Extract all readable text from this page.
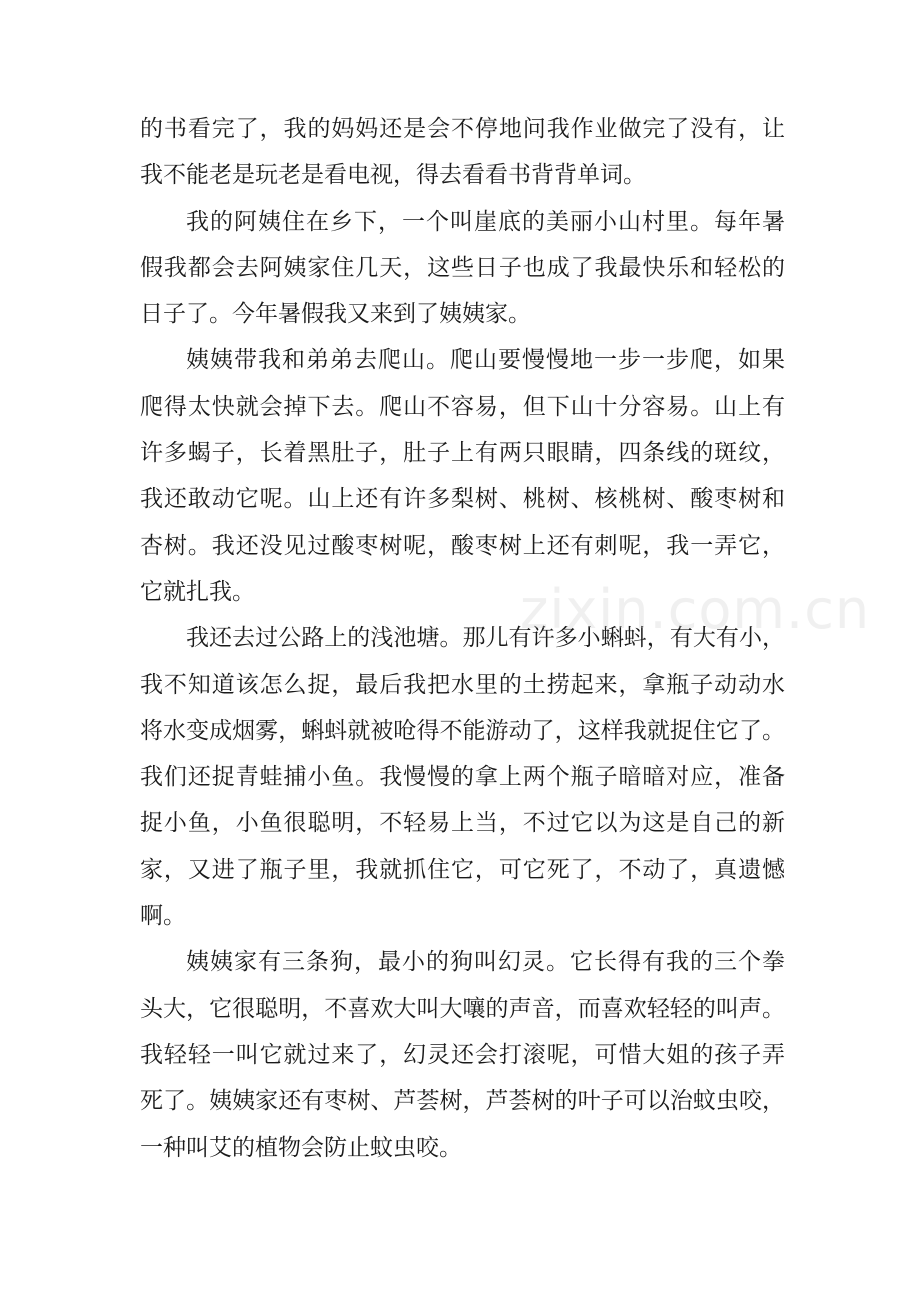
的书看完了，我的妈妈还是会不停地问我作业做完了没有，让
我不能老是玩老是看电视，得去看看书背背单词。
我的阿姨住在乡下，一个叫崖底的美丽小山村里。每年暑
假我都会去阿姨家住几天，这些日子也成了我最快乐和轻松的
日子了。今年暑假我又来到了姨姨家。
姨姨带我和弟弟去爬山。爬山要慢慢地一步一步爬，如果
爬得太快就会掉下去。爬山不容易，但下山十分容易。山上有
许多蝎子，长着黑肚子，肚子上有两只眼睛，四条线的斑纹，
我还敢动它呢。山上还有许多梨树、桃树、核桃树、酸枣树和
杏树。我还没见过酸枣树呢，酸枣树上还有刺呢，我一弄它，
它就扎我。
我还去过公路上的浅池塘。那儿有许多小蝌蚪，有大有小，
我不知道该怎么捉，最后我把水里的土捞起来，拿瓶子动动水
将水变成烟雾，蝌蚪就被呛得不能游动了，这样我就捉住它了。
我们还捉青蛙捕小鱼。我慢慢的拿上两个瓶子暗暗对应，准备
捉小鱼，小鱼很聪明，不轻易上当，不过它以为这是自己的新
家，又进了瓶子里，我就抓住它，可它死了，不动了，真遗憾
啊。
姨姨家有三条狗，最小的狗叫幻灵。它长得有我的三个拳
头大，它很聪明，不喜欢大叫大嚷的声音，而喜欢轻轻的叫声。
我轻轻一叫它就过来了，幻灵还会打滚呢，可惜大姐的孩子弄
死了。姨姨家还有枣树、芦荟树，芦荟树的叶子可以治蚊虫咬，
一种叫艾的植物会防止蚊虫咬。
zixin.com.cn
